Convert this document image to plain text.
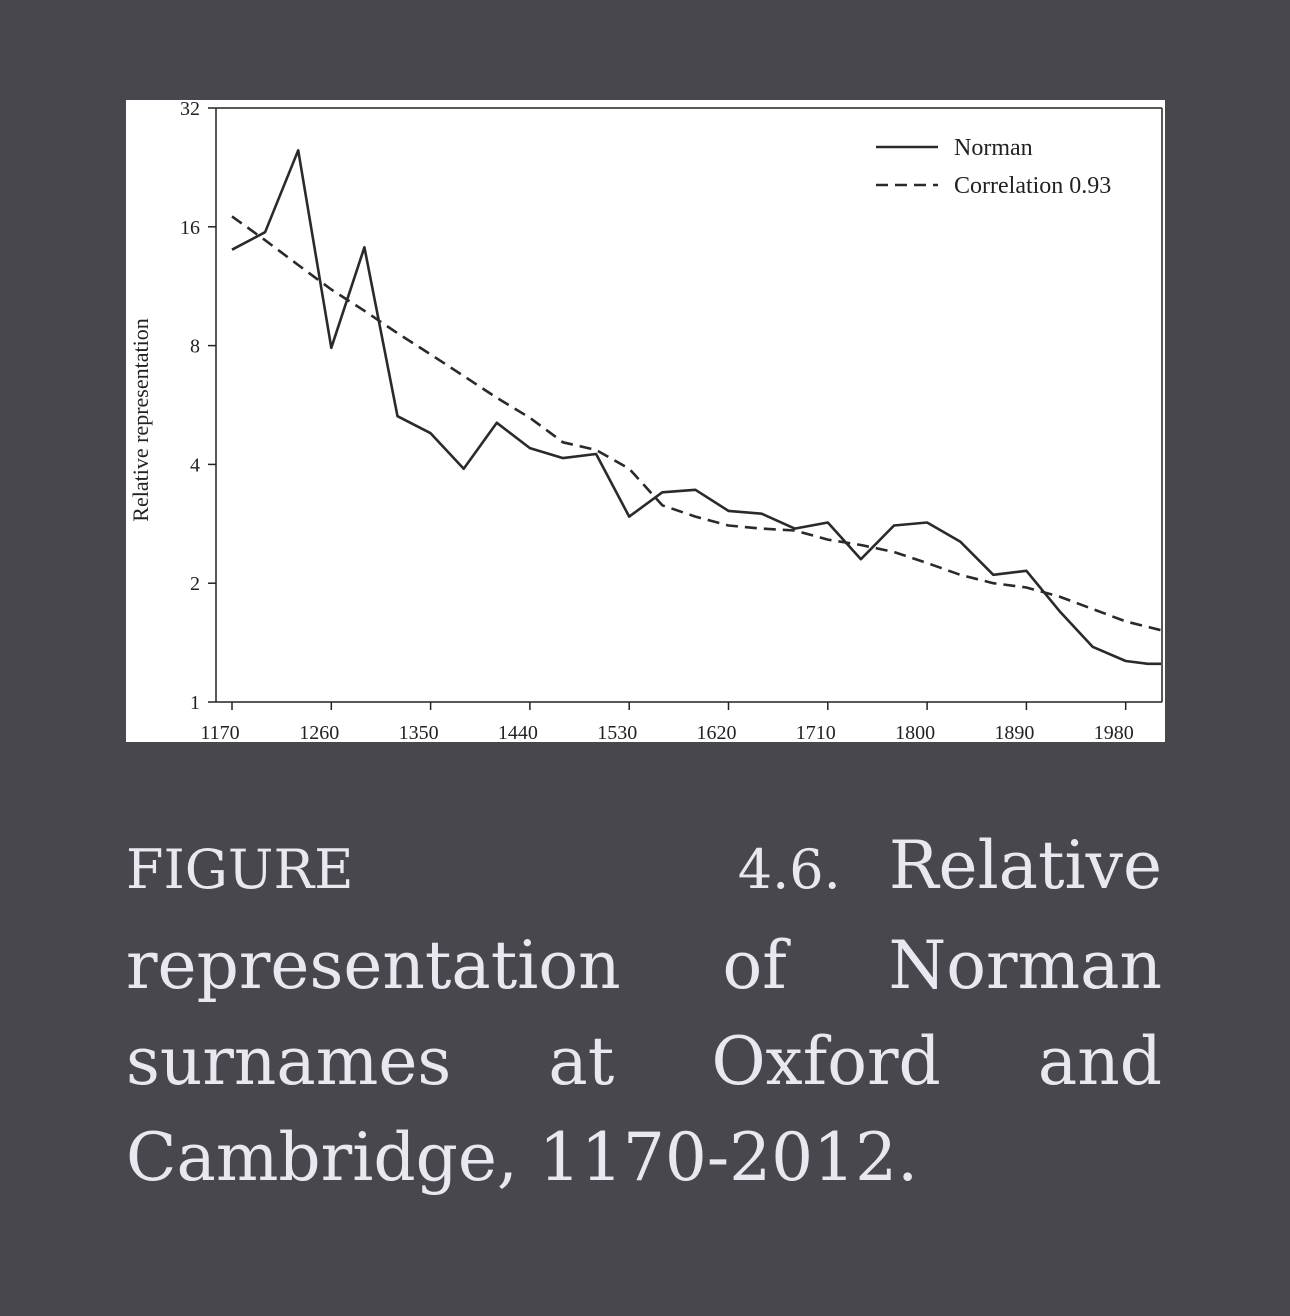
1
2
4
8
16
32
1170	1260	1350	1440	1530	1620	1710	1800	1890	1980
Norman
Correlation 0.93
Relative representation

FIGURE 4.6. Relative representation of Norman surnames at Oxford and Cambridge, 1170-2012.
